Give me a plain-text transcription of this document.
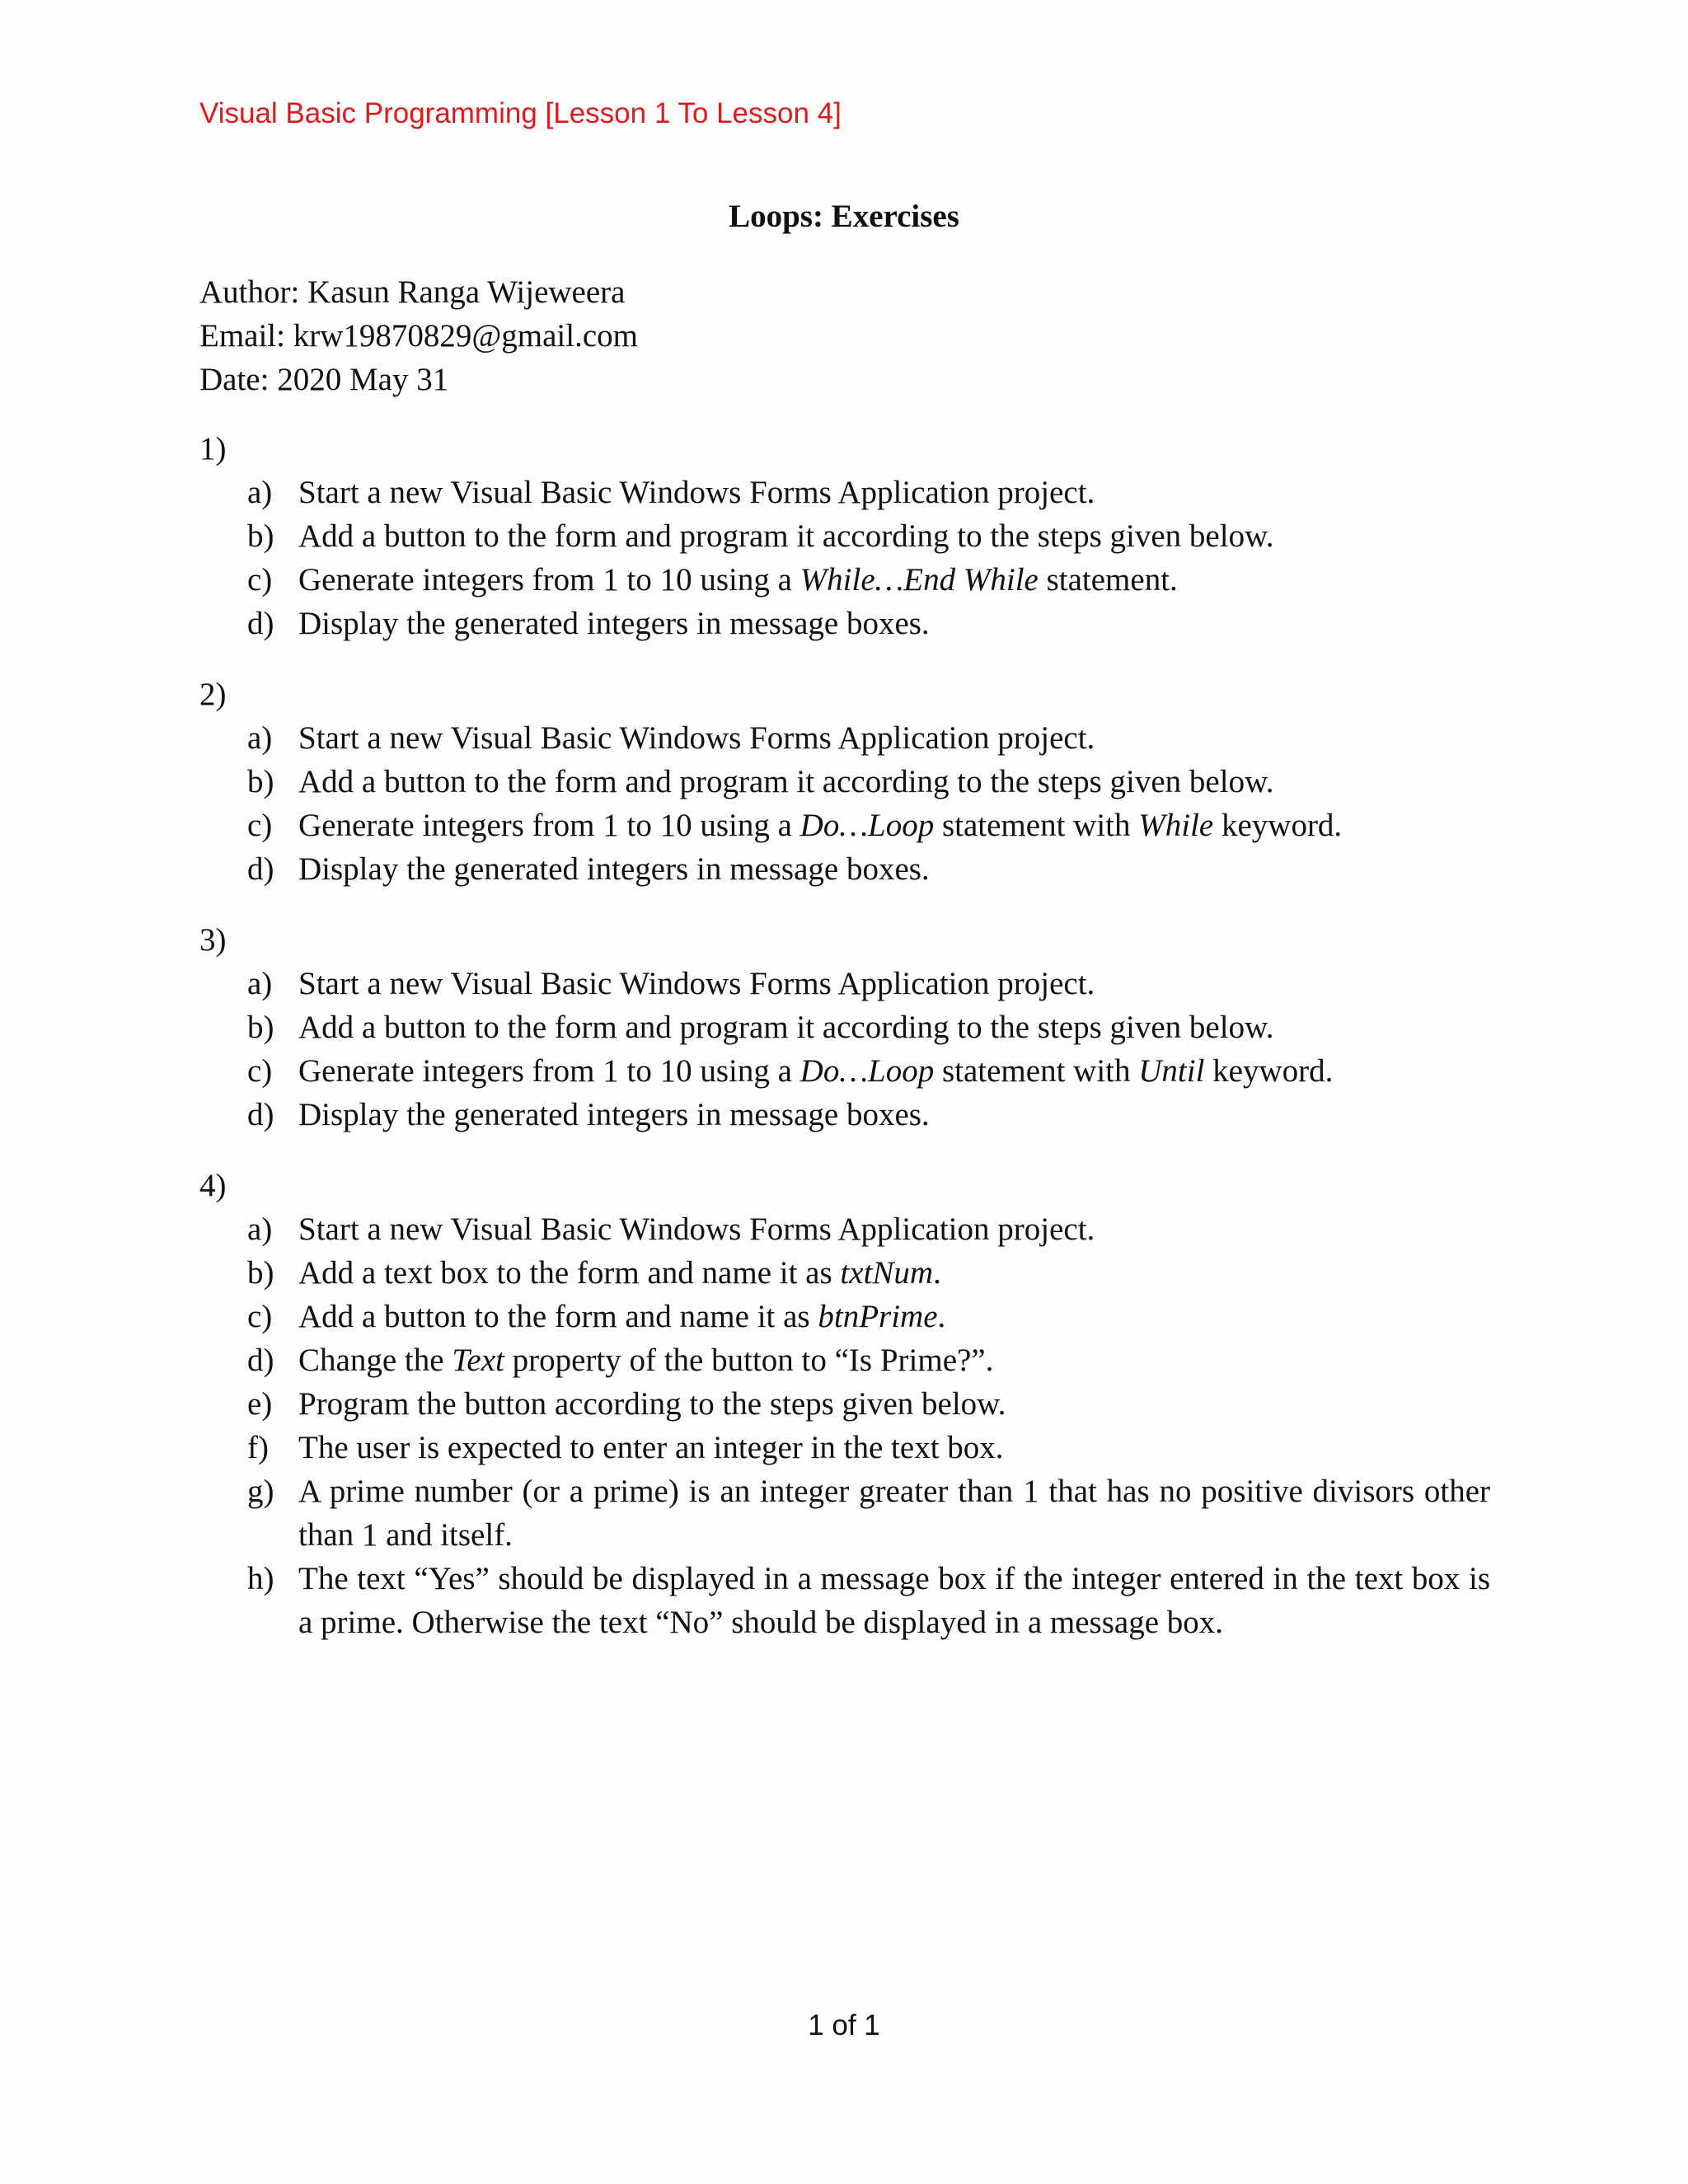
Visual Basic Programming [Lesson 1 To Lesson 4]
Loops: Exercises
Author: Kasun Ranga Wijeweera
Email: krw19870829@gmail.com
Date: 2020 May 31
1)
a) Start a new Visual Basic Windows Forms Application project.
b) Add a button to the form and program it according to the steps given below.
c) Generate integers from 1 to 10 using a While…End While statement.
d) Display the generated integers in message boxes.
2)
a) Start a new Visual Basic Windows Forms Application project.
b) Add a button to the form and program it according to the steps given below.
c) Generate integers from 1 to 10 using a Do…Loop statement with While keyword.
d) Display the generated integers in message boxes.
3)
a) Start a new Visual Basic Windows Forms Application project.
b) Add a button to the form and program it according to the steps given below.
c) Generate integers from 1 to 10 using a Do…Loop statement with Until keyword.
d) Display the generated integers in message boxes.
4)
a) Start a new Visual Basic Windows Forms Application project.
b) Add a text box to the form and name it as txtNum.
c) Add a button to the form and name it as btnPrime.
d) Change the Text property of the button to “Is Prime?”.
e) Program the button according to the steps given below.
f) The user is expected to enter an integer in the text box.
g) A prime number (or a prime) is an integer greater than 1 that has no positive divisors other than 1 and itself.
h) The text “Yes” should be displayed in a message box if the integer entered in the text box is a prime. Otherwise the text “No” should be displayed in a message box.
1 of 1
